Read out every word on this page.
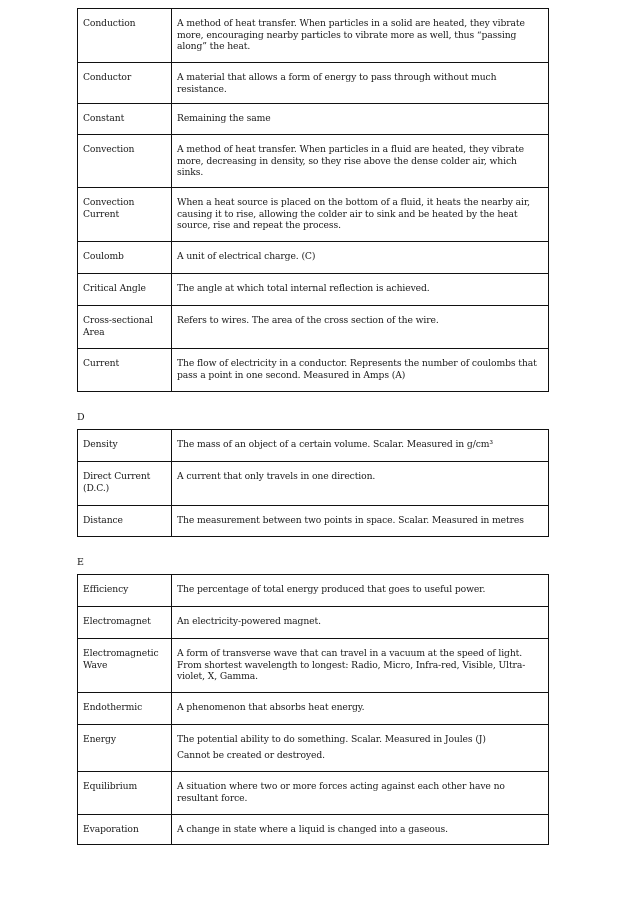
Conduction	A method of heat transfer. When particles in a solid are heated, they vibrate more, encouraging nearby particles to vibrate more as well, thus “passing along” the heat.

Conductor	A material that allows a form of energy to pass through without much resistance.

Constant	Remaining the same

Convection	A method of heat transfer. When particles in a fluid are heated, they vibrate more, decreasing in density, so they rise above the dense colder air, which sinks.

Convection Current	When a heat source is placed on the bottom of a fluid, it heats the nearby air, causing it to rise, allowing the colder air to sink and be heated by the heat source, rise and repeat the process.

Coulomb	A unit of electrical charge. (C)

Critical Angle	The angle at which total internal reflection is achieved.

Cross-sectional Area	Refers to wires. The area of the cross section of the wire.

Current	The flow of electricity in a conductor. Represents the number of coulombs that pass a point in one second. Measured in Amps (A)

D
Density	The mass of an object of a certain volume. Scalar. Measured in g/cm³

Direct Current (D.C.)	A current that only travels in one direction.

Distance	The measurement between two points in space. Scalar. Measured in metres

E
Efficiency	The percentage of total energy produced that goes to useful power.

Electromagnet	An electricity-powered magnet.

Electromagnetic Wave	A form of transverse wave that can travel in a vacuum at the speed of light. From shortest wavelength to longest: Radio, Micro, Infra-red, Visible, Ultra-violet, X, Gamma.

Endothermic	A phenomenon that absorbs heat energy.

Energy	The potential ability to do something. Scalar. Measured in Joules (J)

Cannot be created or destroyed.

Equilibrium	A situation where two or more forces acting against each other have no resultant force.

Evaporation	A change in state where a liquid is changed into a gaseous.
